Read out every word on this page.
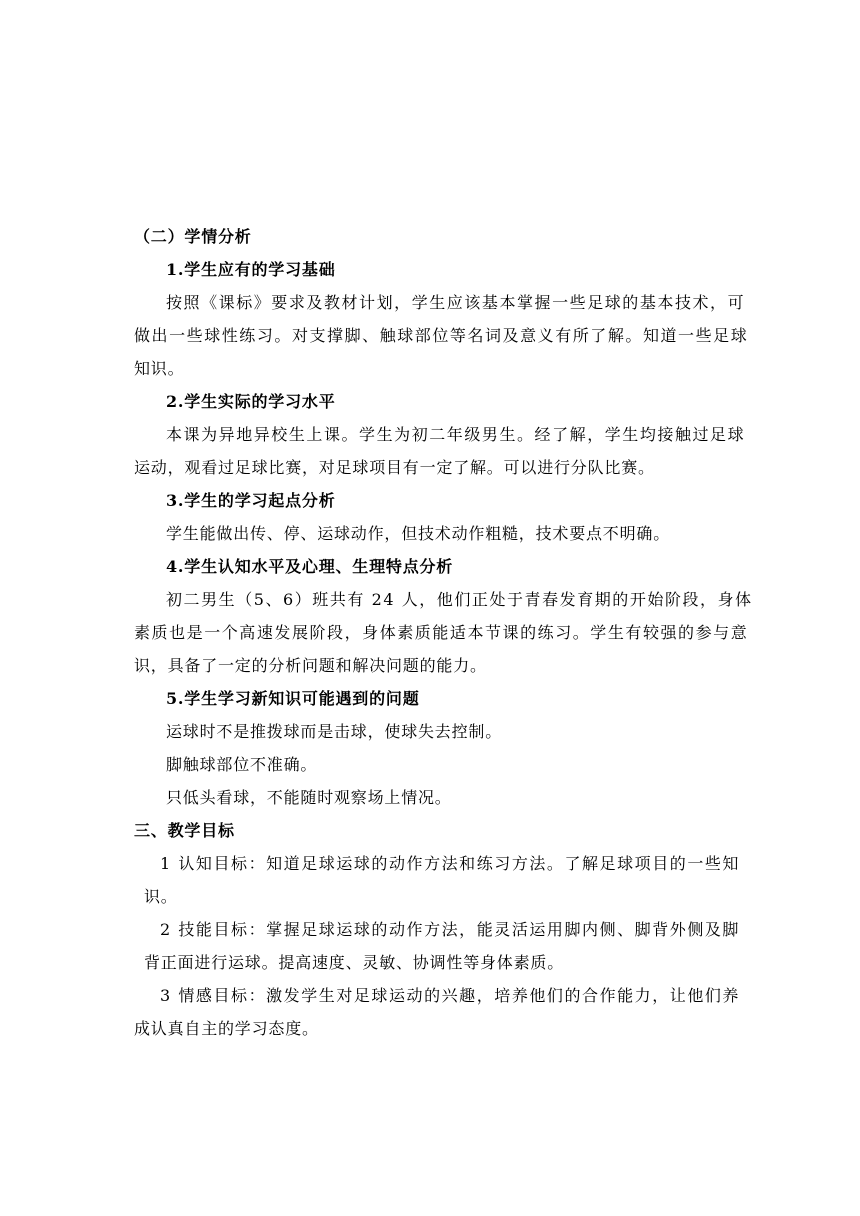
（二）学情分析
1.学生应有的学习基础
按照《课标》要求及教材计划，学生应该基本掌握一些足球的基本技术，可
做出一些球性练习。对支撑脚、触球部位等名词及意义有所了解。知道一些足球
知识。
2.学生实际的学习水平
本课为异地异校生上课。学生为初二年级男生。经了解，学生均接触过足球
运动，观看过足球比赛，对足球项目有一定了解。可以进行分队比赛。
3.学生的学习起点分析
学生能做出传、停、运球动作，但技术动作粗糙，技术要点不明确。
4.学生认知水平及心理、生理特点分析
初二男生（5、6）班共有 24 人，他们正处于青春发育期的开始阶段，身体
素质也是一个高速发展阶段，身体素质能适本节课的练习。学生有较强的参与意
识，具备了一定的分析问题和解决问题的能力。
5.学生学习新知识可能遇到的问题
运球时不是推拨球而是击球，使球失去控制。
脚触球部位不准确。
只低头看球，不能随时观察场上情况。
三、教学目标
1 认知目标：知道足球运球的动作方法和练习方法。了解足球项目的一些知
识。
2 技能目标：掌握足球运球的动作方法，能灵活运用脚内侧、脚背外侧及脚
背正面进行运球。提高速度、灵敏、协调性等身体素质。
3 情感目标：激发学生对足球运动的兴趣，培养他们的合作能力，让他们养
成认真自主的学习态度。
